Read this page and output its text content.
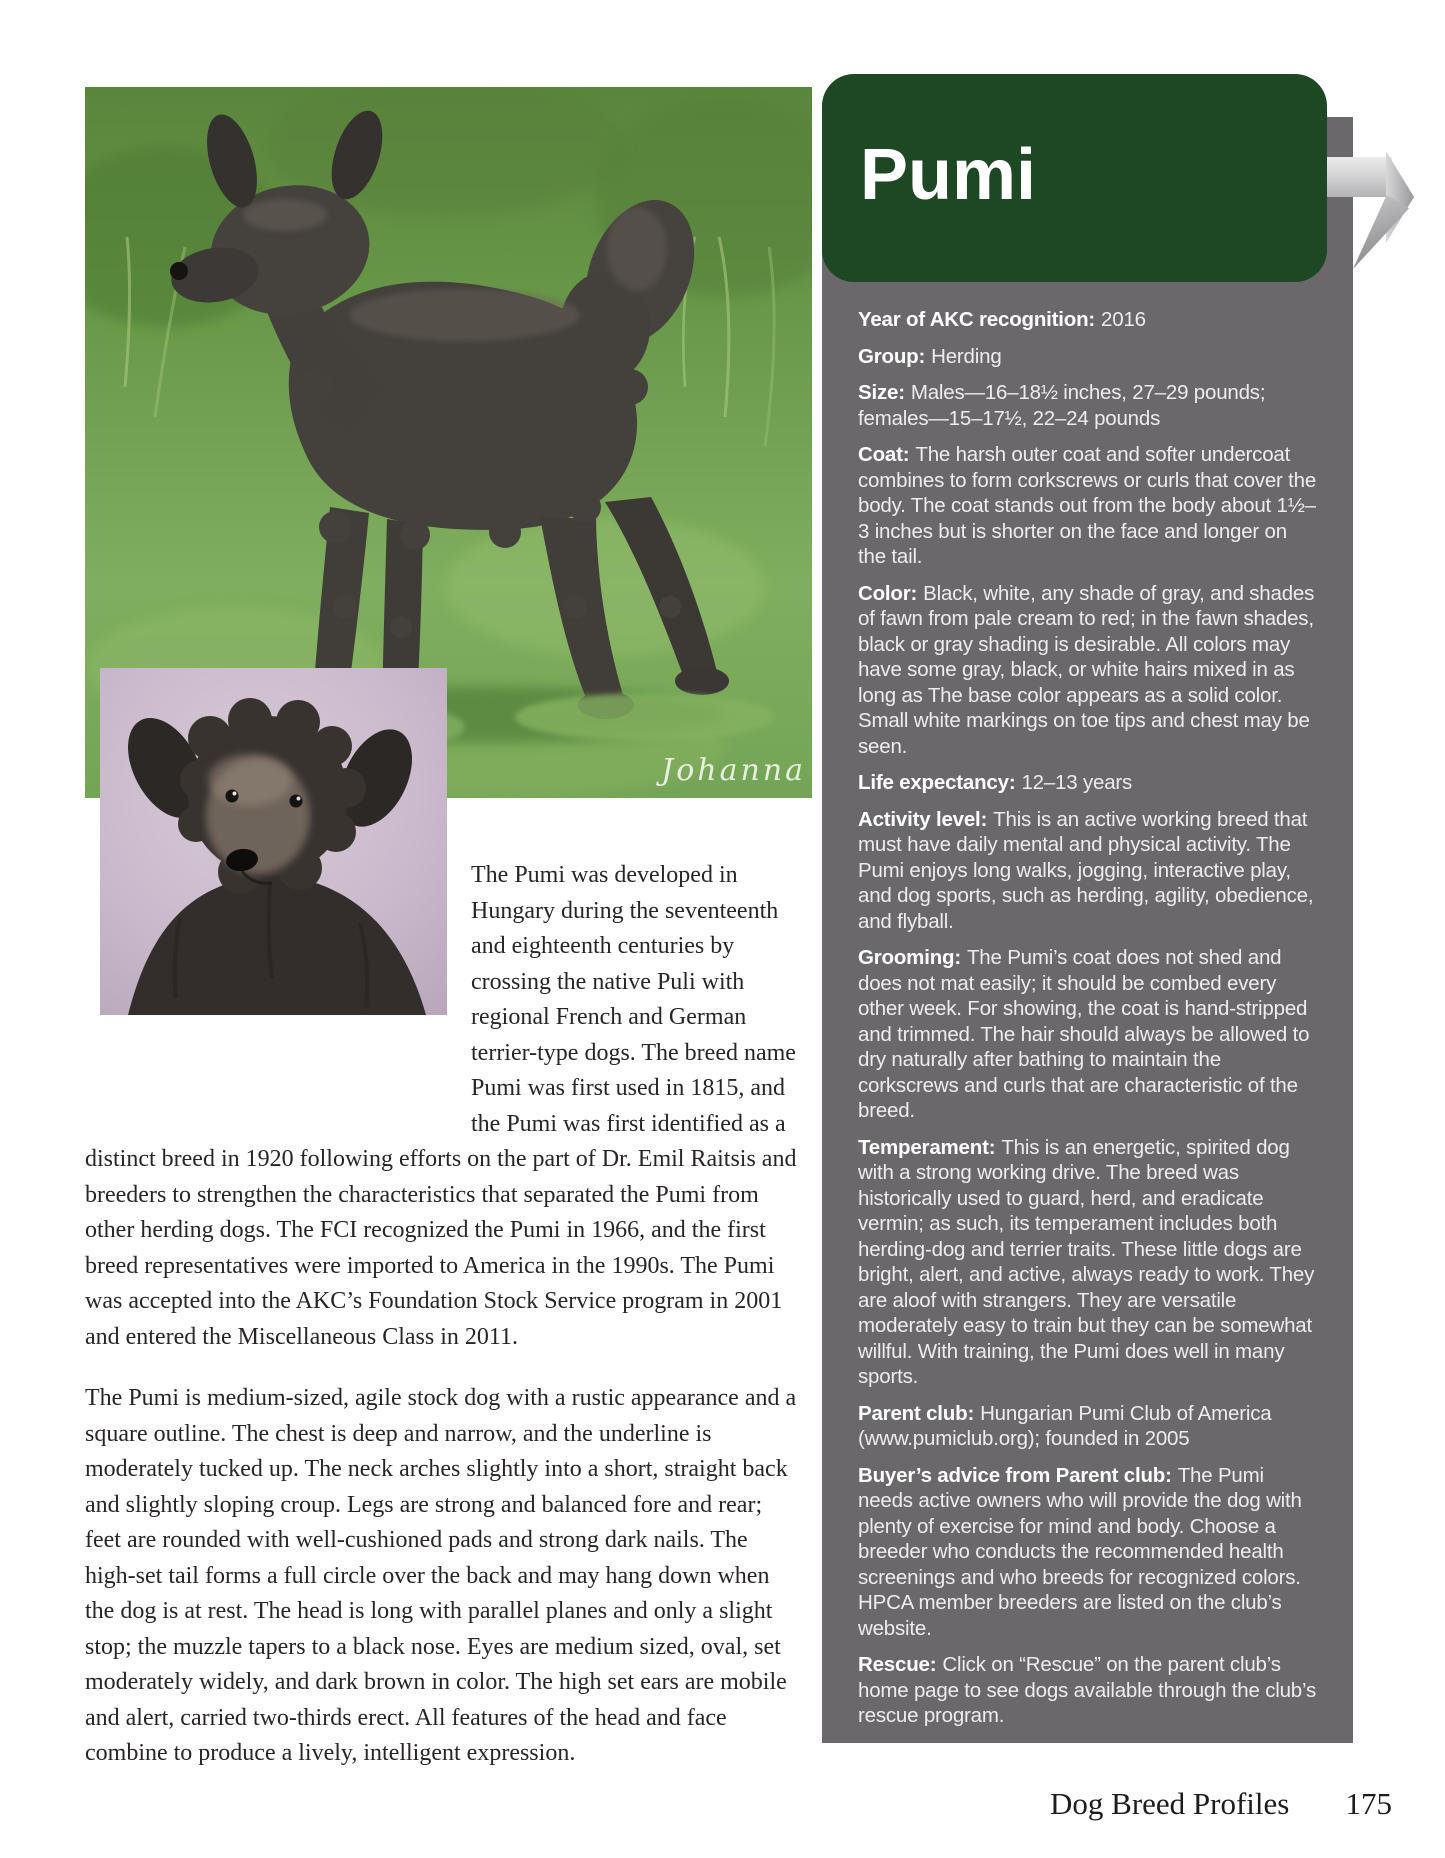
Johanna
Year of AKC recognition: 2016
Group: Herding
Size: Males—16–18½ inches, 27–29 pounds; females—15–17½, 22–24 pounds
Coat: The harsh outer coat and softer undercoat combines to form corkscrews or curls that cover the body. The coat stands out from the body about 1½–3 inches but is shorter on the face and longer on the tail.
Color: Black, white, any shade of gray, and shades of fawn from pale cream to red; in the fawn shades, black or gray shading is desirable. All colors may have some gray, black, or white hairs mixed in as long as The base color appears as a solid color. Small white markings on toe tips and chest may be seen.
Life expectancy: 12–13 years
Activity level: This is an active working breed that must have daily mental and physical activity. The Pumi enjoys long walks, jogging, interactive play, and dog sports, such as herding, agility, obedience, and flyball.
Grooming: The Pumi’s coat does not shed and does not mat easily; it should be combed every other week. For showing, the coat is hand-stripped and trimmed. The hair should always be allowed to dry naturally after bathing to maintain the corkscrews and curls that are characteristic of the breed.
Temperament: This is an energetic, spirited dog with a strong working drive. The breed was historically used to guard, herd, and eradicate vermin; as such, its temperament includes both herding-dog and terrier traits. These little dogs are bright, alert, and active, always ready to work. They are aloof with strangers. They are versatile moderately easy to train but they can be somewhat willful. With training, the Pumi does well in many sports.
Parent club: Hungarian Pumi Club of America (www.pumiclub.org); founded in 2005
Buyer’s advice from Parent club: The Pumi needs active owners who will provide the dog with plenty of exercise for mind and body. Choose a breeder who conducts the recommended health screenings and who breeds for recognized colors. HPCA member breeders are listed on the club’s website.
Rescue: Click on “Rescue” on the parent club’s home page to see dogs available through the club’s rescue program.
Pumi

The Pumi was developed in Hungary during the seventeenth and eighteenth centuries by crossing the native Puli with regional French and German terrier-type dogs. The breed name Pumi was first used in 1815, and the Pumi was first identified as a distinct breed in 1920 following efforts on the part of Dr. Emil Raitsis and breeders to strengthen the characteristics that separated the Pumi from other herding dogs. The FCI recognized the Pumi in 1966, and the first breed representatives were imported to America in the 1990s. The Pumi was accepted into the AKC’s Foundation Stock Service program in 2001 and entered the Miscellaneous Class in 2011.

The Pumi is medium-sized, agile stock dog with a rustic appearance and a square outline. The chest is deep and narrow, and the underline is moderately tucked up. The neck arches slightly into a short, straight back and slightly sloping croup. Legs are strong and balanced fore and rear; feet are rounded with well-cushioned pads and strong dark nails. The high-set tail forms a full circle over the back and may hang down when the dog is at rest. The head is long with parallel planes and only a slight stop; the muzzle tapers to a black nose. Eyes are medium sized, oval, set moderately widely, and dark brown in color. The high set ears are mobile and alert, carried two-thirds erect. All features of the head and face combine to produce a lively, intelligent expression.

Dog Breed Profiles 175
